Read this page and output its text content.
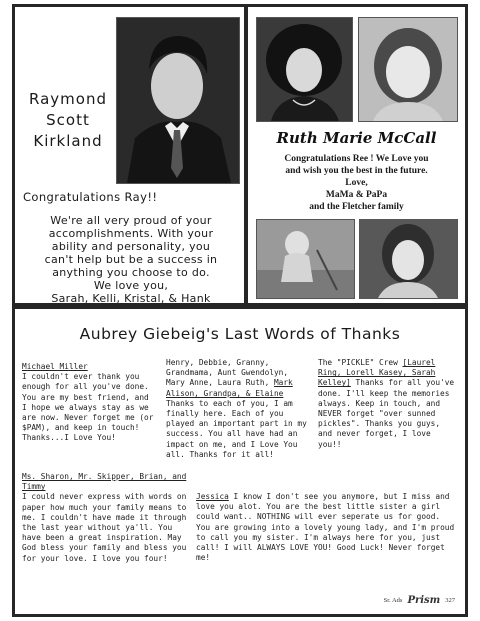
Raymond
Scott
Kirkland
Congratulations Ray!!
We're all very proud of your
accomplishments. With your
ability and personality, you
can't help but be a success in
anything you choose to do.
We love you,
Sarah, Kelli, Kristal, & Hank
Ruth Marie McCall
Congratulations Ree ! We Love you
and wish you the best in the future.
Love,
MaMa & PaPa
and the Fletcher family
Aubrey Giebeig's Last Words of Thanks

Michael Miller

I couldn't ever thank you enough for all you've done. You are my best friend, and I hope we always stay as we are now. Never forget me (or $PAM), and keep in touch! Thanks...I Love You!

Henry, Debbie, Granny, Grandmama, Aunt Gwendolyn, Mary Anne, Laura Ruth, Mark Alison, Grandpa, & Elaine Thanks to each of you, I am finally here. Each of you played an important part in my success. You all have had an impact on me, and I Love You all. Thanks for it all!

The "PICKLE" Crew [Laurel Ring, Lorell Kasey, Sarah Kelley] Thanks for all you've done. I'll keep the memories always. Keep in touch, and NEVER forget "over sunned pickles". Thanks you guys, and never forget, I love you!!

Ms. Sharon, Mr. Skipper, Brian, and Timmy

I could never express with words on paper how much your family means to me. I couldn't have made it through the last year without ya'll. You have been a great inspiration. May God bless your family and bless you for your love. I love you four!

Jessica I know I don't see you anymore, but I miss and love you alot. You are the best little sister a girl could want.. NOTHING will ever seperate us for good. You are growing into a lovely young lady, and I'm proud to call you my sister. I'm always here for you, just call! I will ALWAYS LOVE YOU! Good Luck! Never forget me!

Sr. Ads Prism 327
